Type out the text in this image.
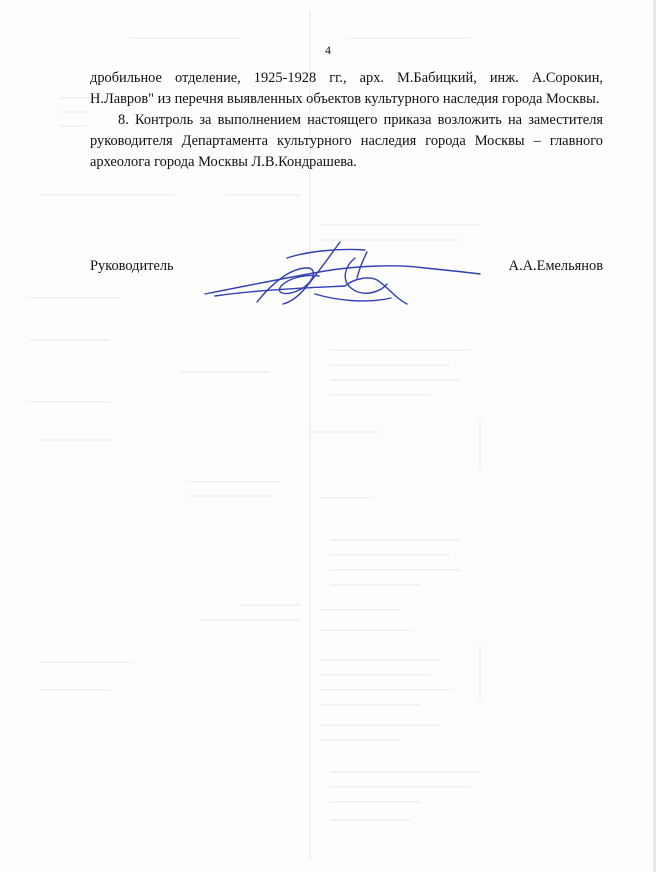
4

дробильное отделение, 1925-1928 гг., арх. М.Бабицкий, инж. А.Сорокин, Н.Лавров" из перечня выявленных объектов культурного наследия города Москвы.

8. Контроль за выполнением настоящего приказа возложить на заместителя руководителя Департамента культурного наследия города Москвы – главного археолога города Москвы Л.В.Кондрашева.

Руководитель	А.А.Емельянов
